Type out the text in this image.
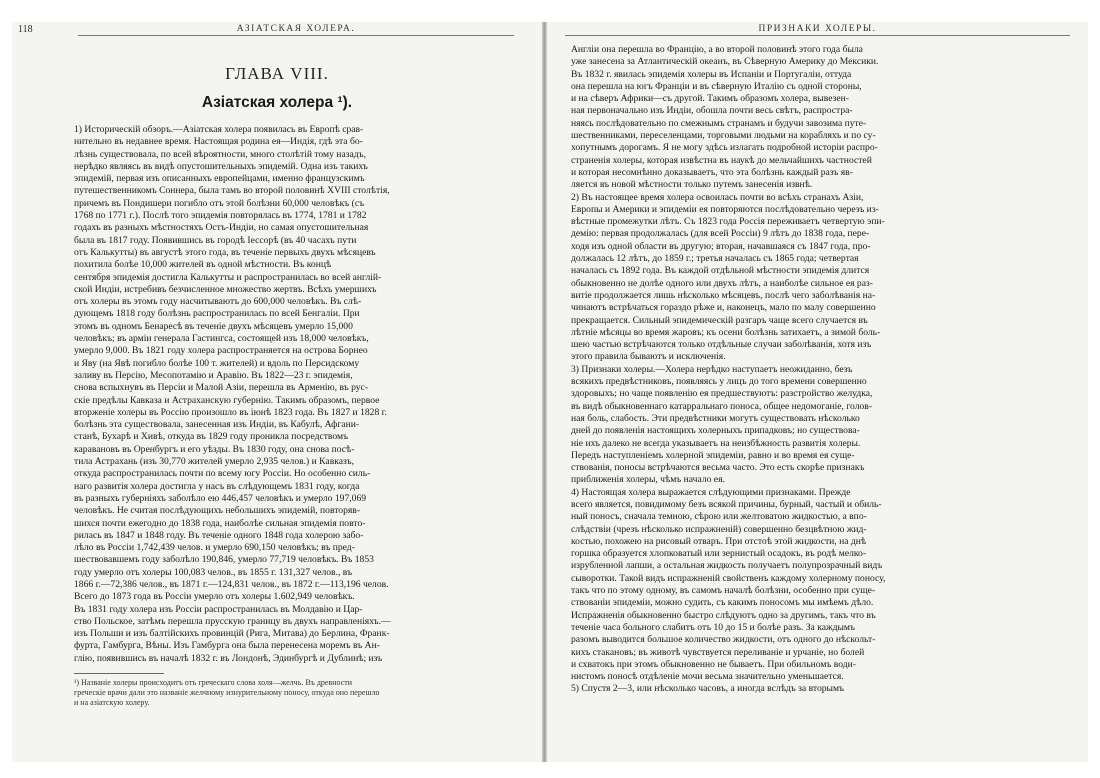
118	АЗІАТСКАЯ ХОЛЕРА.
ГЛАВА VIII.
Азіатская холера ¹).
1) Историческій обзоръ.—Азіатская холера появилась въ Европѣ срав-
нительно въ недавнее время. Настоящая родина ея—Индія, гдѣ эта бо-
лѣзнь существовала, по всей вѣроятности, много столѣтій тому назадъ,
нерѣдко являясь въ видѣ опустошительныхъ эпидемій. Одна изъ такихъ
эпидемій, первая изъ описанныхъ европейцами, именно французскимъ
путешественникомъ Соннера, была тамъ во второй половинѣ XVIII столѣтія,
причемъ въ Пондишери погибло отъ этой болѣзни 60,000 человѣкъ (съ
1768 по 1771 г.). Послѣ того эпидемія повторялась въ 1774, 1781 и 1782
годахъ въ разныхъ мѣстностяхъ Остъ-Индіи, но самая опустошительная
была въ 1817 году. Появившись въ городѣ Іессорѣ (въ 40 часахъ пути
отъ Калькутты) въ августѣ этого года, въ теченіе первыхъ двухъ мѣсяцевъ
похитила болѣе 10,000 жителей въ одной мѣстности. Въ концѣ
сентября эпидемія достигла Калькутты и распространилась во всей англій-
ской Индіи, истребивъ безчисленное множество жертвъ. Всѣхъ умершихъ
отъ холеры въ этомъ году насчитываютъ до 600,000 человѣкъ. Въ слѣ-
дующемъ 1818 году болѣзнь распространилась по всей Бенгаліи. При
этомъ въ одномъ Бенаресѣ въ теченіе двухъ мѣсяцевъ умерло 15,000
человѣкъ; въ арміи генерала Гастингса, состоящей изъ 18,000 человѣкъ,
умерло 9,000. Въ 1821 году холера распространяется на острова Борнео
и Яву (на Явѣ погибло болѣе 100 т. жителей) и вдоль по Персидскому
заливу въ Персію, Месопотамію и Аравію. Въ 1822—23 г. эпидемія,
снова вспыхнувъ въ Персіи и Малой Азіи, перешла въ Арменію, въ рус-
скіе предѣлы Кавказа и Астраханскую губернію. Такимъ образомъ, первое
вторженіе холеры въ Россію произошло въ іюнѣ 1823 года. Въ 1827 и 1828 г.
болѣзнь эта существовала, занесенная изъ Индіи, въ Кабулѣ, Афгани-
станѣ, Бухарѣ и Хивѣ, откуда въ 1829 году проникла посредствомъ
каравановъ въ Оренбургъ и его уѣзды. Въ 1830 году, она снова посѣ-
тила Астрахань (изъ 30,770 жителей умерло 2,935 челов.) и Кавказъ,
откуда распространилась почти по всему югу Россіи. Но особенно силь-
наго развитія холера достигла у насъ въ слѣдующемъ 1831 году, когда
въ разныхъ губерніяхъ заболѣло ею 446,457 человѣкъ и умерло 197,069
человѣкъ. Не считая послѣдующихъ небольшихъ эпидемій, повторяв-
шихся почти ежегодно до 1838 года, наиболѣе сильная эпидемія повто-
рилась въ 1847 и 1848 году. Въ теченіе одного 1848 года холерою забо-
лѣло въ Россіи 1,742,439 челов. и умерло 690,150 человѣкъ; въ пред-
шествовавшемъ году заболѣло 190,846, умерло 77,719 человѣкъ. Въ 1853
году умерло отъ холеры 100,083 челов., въ 1855 г. 131,327 челов., въ
1866 г.—72,386 челов., въ 1871 г.—124,831 челов., въ 1872 г.—113,196 челов.
Всего до 1873 года въ Россіи умерло отъ холеры 1.602,949 человѣкъ.
Въ 1831 году холера изъ Россіи распространилась въ Молдавію и Цар-
ство Польское, затѣмъ перешла прусскую границу въ двухъ направленіяхъ.—
изъ Польши и изъ балтійскихъ провинцій (Рига, Митава) до Берлина, Франк-
фурта, Гамбурга, Вѣны. Изъ Гамбурга она была перенесена моремъ въ Ан-
глію, появившись въ началѣ 1832 г. въ Лондонѣ, Эдинбургѣ и Дублинѣ; изъ
¹) Названіе холеры происходитъ отъ греческаго слова холя—желчь. Въ древности
греческіе врачи дали это названіе желчному изнурительному поносу, откуда оно перешло
и на азіатскую холеру.
ПРИЗНАКИ ХОЛЕРЫ.
Англіи она перешла во Францію, а во второй половинѣ этого года была
уже занесена за Атлантическій океанъ, въ Сѣверную Америку до Мексики.
Въ 1832 г. явилась эпидемія холеры въ Испаніи и Португаліи, оттуда
она перешла на югъ Франціи и въ сѣверную Италію съ одной стороны,
и на сѣверъ Африки—съ другой. Такимъ образомъ холера, вывезен-
ная первоначально изъ Индіи, обошла почти весь свѣтъ, распростра-
няясь послѣдовательно по смежнымъ странамъ и будучи завозима путе-
шественниками, переселенцами, торговыми людьми на корабляхъ и по су-
хопутнымъ дорогамъ. Я не могу здѣсь излагать подробной исторіи распро-
страненія холеры, которая извѣстна въ наукѣ до мельчайшихъ частностей
и которая несомнѣнно доказываетъ, что эта болѣзнь каждый разъ яв-
ляется въ новой мѣстности только путемъ занесенія извнѣ.
2) Въ настоящее время холера освоилась почти во всѣхъ странахъ Азіи,
Европы и Америки и эпидеміи ея повторяются послѣдовательно черезъ из-
вѣстные промежутки лѣтъ. Съ 1823 года Россія переживаетъ четвертую эпи-
демію: первая продолжалась (для всей Россіи) 9 лѣтъ до 1838 года, пере-
ходя изъ одной области въ другую; вторая, начавшаяся съ 1847 года, про-
должалась 12 лѣтъ, до 1859 г.; третья началась съ 1865 года; четвертая
началась съ 1892 года. Въ каждой отдѣльной мѣстности эпидемія длится
обыкновенно не долѣе одного или двухъ лѣтъ, а наиболѣе сильное ея раз-
витіе продолжается лишь нѣсколько мѣсяцевъ, послѣ чего заболѣванія на-
чинаютъ встрѣчаться гораздо рѣже и, наконецъ, мало по малу совершенно
прекращается. Сильный эпидемическій разгаръ чаще всего случается въ
лѣтніе мѣсяцы во время жаровъ; къ осени болѣзнь затихаетъ, а зимой боль-
шею частью встрѣчаются только отдѣльные случаи заболѣванія, хотя изъ
этого правила бываютъ и исключенія.
3) Признаки холеры.—Холера нерѣдко наступаетъ неожиданно, безъ
всякихъ предвѣстниковъ, появляясь у лицъ до того времени совершенно
здоровыхъ; но чаще появленію ея предшествуютъ: разстройство желудка,
въ видѣ обыкновеннаго катарральнаго поноса, общее недомоганіе, голов-
ная боль, слабость. Эти предвѣстники могутъ существовать нѣсколько
дней до появленія настоящихъ холерныхъ припадковъ; но существова-
ніе ихъ далеко не всегда указываетъ на неизбѣжность развитія холеры.
Передъ наступленіемъ холерной эпидеміи, равно и во время ея суще-
ствованія, поносы встрѣчаются весьма часто. Это есть скорѣе признакъ
приближенія холеры, чѣмъ начало ея.
4) Настоящая холера выражается слѣдующими признаками. Прежде
всего является, повидимому безъ всякой причины, бурный, частый и обиль-
ный поносъ, сначала темною, сѣрою или желтоватою жидкостью, а впо-
слѣдствіи (чрезъ нѣсколько испражненій) совершенно безцвѣтною жид-
костью, похожею на рисовый отваръ. При отстоѣ этой жидкости, на днѣ
горшка образуется хлопковатый или зернистый осадокъ, въ родѣ мелко-
изрубленной лапши, а остальная жидкость получаетъ полупрозрачный видъ
сыворотки. Такой видъ испражненій свойственъ каждому холерному поносу,
такъ что по этому одному, въ самомъ началѣ болѣзни, особенно при суще-
ствованіи эпидеміи, можно судить, съ какимъ поносомъ мы имѣемъ дѣло.
Испражненія обыкновенно быстро слѣдуютъ одно за другимъ, такъ что въ
теченіе часа больного слабитъ отъ 10 до 15 и болѣе разъ. За каждымъ
разомъ выводится большое количество жидкости, отъ одного до нѣскольт-
кихъ стакановъ; въ животѣ чувствуется переливаніе и урчаніе, но болей
и схватокъ при этомъ обыкновенно не бываетъ. При обильномъ води-
нистомъ поносѣ отдѣленіе мочи весьма значительно уменьшается.
5) Спустя 2—3, или нѣсколько часовъ, а иногда вслѣдъ за вторымъ
